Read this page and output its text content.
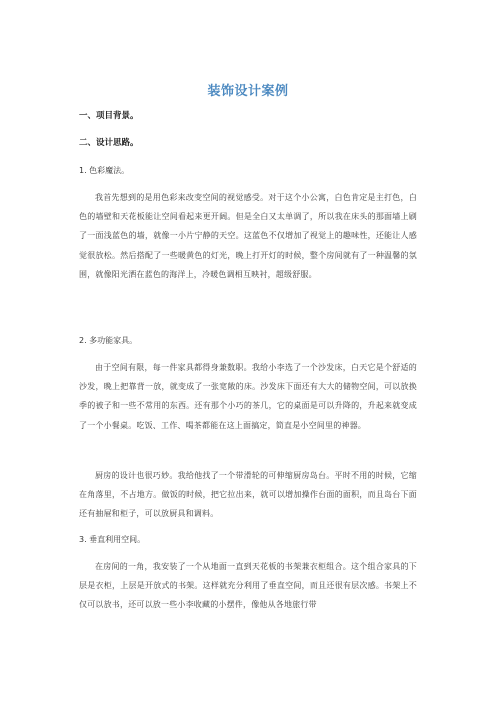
装饰设计案例
一、项目背景。
二、设计思路。
1. 色彩魔法。
我首先想到的是用色彩来改变空间的视觉感受。对于这个小公寓，白色肯定是主打色，白色的墙壁和天花板能让空间看起来更开阔。但是全白又太单调了，所以我在床头的那面墙上刷了一面浅蓝色的墙，就像一小片宁静的天空。这蓝色不仅增加了视觉上的趣味性，还能让人感觉很放松。然后搭配了一些暖黄色的灯光，晚上打开灯的时候，整个房间就有了一种温馨的氛围，就像阳光洒在蓝色的海洋上，冷暖色调相互映衬，超级舒服。
2. 多功能家具。
由于空间有限，每一件家具都得身兼数职。我给小李选了一个沙发床，白天它是个舒适的沙发，晚上把靠背一放，就变成了一张宽敞的床。沙发床下面还有大大的储物空间，可以放换季的被子和一些不常用的东西。还有那个小巧的茶几，它的桌面是可以升降的，升起来就变成了一个小餐桌。吃饭、工作、喝茶都能在这上面搞定，简直是小空间里的神器。
厨房的设计也很巧妙。我给他找了一个带滑轮的可伸缩厨房岛台。平时不用的时候，它缩在角落里，不占地方。做饭的时候，把它拉出来，就可以增加操作台面的面积，而且岛台下面还有抽屉和柜子，可以放厨具和调料。
3. 垂直利用空间。
在房间的一角，我安装了一个从地面一直到天花板的书架兼衣柜组合。这个组合家具的下层是衣柜，上层是开放式的书架。这样就充分利用了垂直空间，而且还很有层次感。书架上不仅可以放书，还可以放一些小李收藏的小摆件，像他从各地旅行带
